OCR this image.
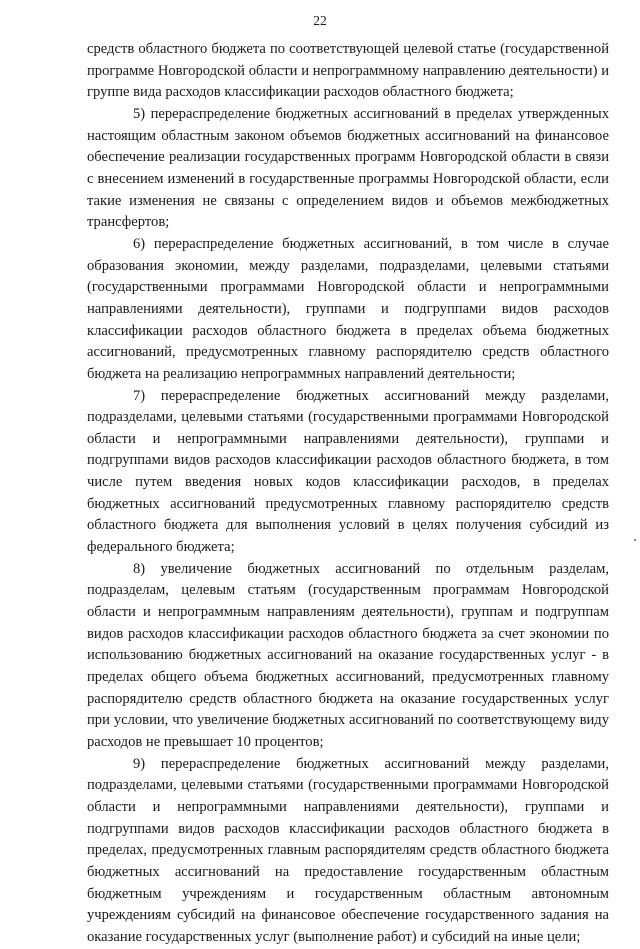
22

средств областного бюджета по соответствующей целевой статье (государственной программе Новгородской области и непрограммному направлению деятельности) и группе вида расходов классификации расходов областного бюджета;

5) перераспределение бюджетных ассигнований в пределах утвержденных настоящим областным законом объемов бюджетных ассигнований на финансовое обеспечение реализации государственных программ Новгородской области в связи с внесением изменений в государственные программы Новгородской области, если такие изменения не связаны с определением видов и объемов межбюджетных трансфертов;

6) перераспределение бюджетных ассигнований, в том числе в случае образования экономии, между разделами, подразделами, целевыми статьями (государственными программами Новгородской области и непрограммными направлениями деятельности), группами и подгруппами видов расходов классификации расходов областного бюджета в пределах объема бюджетных ассигнований, предусмотренных главному распорядителю средств областного бюджета на реализацию непрограммных направлений деятельности;

7) перераспределение бюджетных ассигнований между разделами, подразделами, целевыми статьями (государственными программами Новгородской области и непрограммными направлениями деятельности), группами и подгруппами видов расходов классификации расходов областного бюджета, в том числе путем введения новых кодов классификации расходов, в пределах бюджетных ассигнований предусмотренных главному распорядителю средств областного бюджета для выполнения условий в целях получения субсидий из федерального бюджета;

8) увеличение бюджетных ассигнований по отдельным разделам, подразделам, целевым статьям (государственным программам Новгородской области и непрограммным направлениям деятельности), группам и подгруппам видов расходов классификации расходов областного бюджета за счет экономии по использованию бюджетных ассигнований на оказание государственных услуг - в пределах общего объема бюджетных ассигнований, предусмотренных главному распорядителю средств областного бюджета на оказание государственных услуг при условии, что увеличение бюджетных ассигнований по соответствующему виду расходов не превышает 10 процентов;

9) перераспределение бюджетных ассигнований между разделами, подразделами, целевыми статьями (государственными программами Новгородской области и непрограммными направлениями деятельности), группами и подгруппами видов расходов классификации расходов областного бюджета в пределах, предусмотренных главным распорядителям средств областного бюджета бюджетных ассигнований на предоставление государственным областным бюджетным учреждениям и государственным областным автономным учреждениям субсидий на финансовое обеспечение государственного задания на оказание государственных услуг (выполнение работ) и субсидий на иные цели;
